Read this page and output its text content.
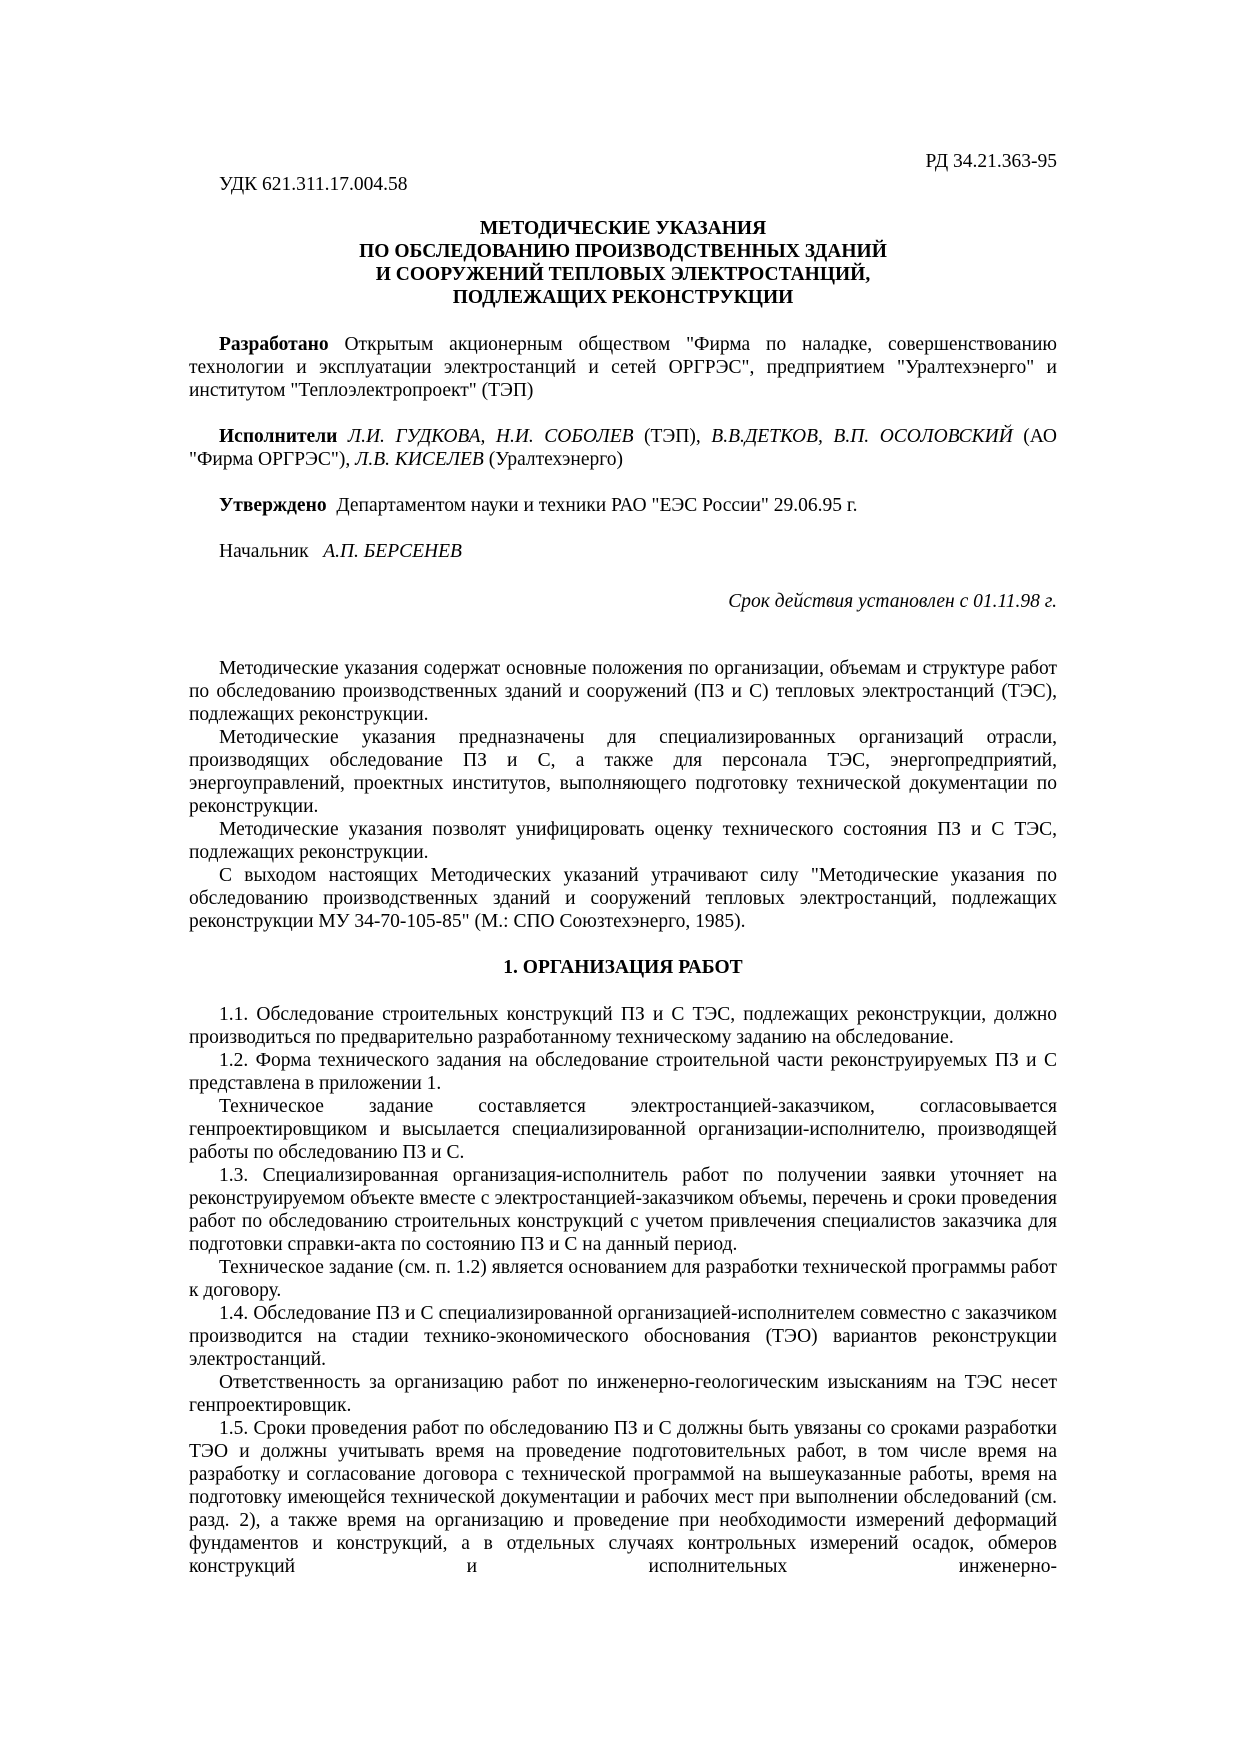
РД 34.21.363-95
УДК 621.311.17.004.58
МЕТОДИЧЕСКИЕ УКАЗАНИЯ
ПО ОБСЛЕДОВАНИЮ ПРОИЗВОДСТВЕННЫХ ЗДАНИЙ
И СООРУЖЕНИЙ ТЕПЛОВЫХ ЭЛЕКТРОСТАНЦИЙ,
ПОДЛЕЖАЩИХ РЕКОНСТРУКЦИИ
Разработано Открытым акционерным обществом "Фирма по наладке, совершенствованию технологии и эксплуатации электростанций и сетей ОРГРЭС", предприятием "Уралтехэнерго" и институтом "Теплоэлектропроект" (ТЭП)
Исполнители Л.И. ГУДКОВА, Н.И. СОБОЛЕВ (ТЭП), В.В.ДЕТКОВ, В.П. ОСОЛОВСКИЙ (АО "Фирма ОРГРЭС"), Л.В. КИСЕЛЕВ (Уралтехэнерго)
Утверждено  Департаментом науки и техники РАО "ЕЭС России" 29.06.95 г.
Начальник А.П. БЕРСЕНЕВ
Срок действия установлен с 01.11.98 г.

Методические указания содержат основные положения по организации, объемам и структуре работ по обследованию производственных зданий и сооружений (ПЗ и С) тепловых электростанций (ТЭС), подлежащих реконструкции.

Методические указания предназначены для специализированных организаций отрасли, производящих обследование ПЗ и С, а также для персонала ТЭС, энергопредприятий, энергоуправлений, проектных институтов, выполняющего подготовку технической документации по реконструкции.

Методические указания позволят унифицировать оценку технического состояния ПЗ и С ТЭС, подлежащих реконструкции.

С выходом настоящих Методических указаний утрачивают силу "Методические указания по обследованию производственных зданий и сооружений тепловых электростанций, подлежащих реконструкции МУ 34-70-105-85" (М.: СПО Союзтехэнерго, 1985).

1. ОРГАНИЗАЦИЯ РАБОТ

1.1. Обследование строительных конструкций ПЗ и С ТЭС, подлежащих реконструкции, должно производиться по предварительно разработанному техническому заданию на обследование.

1.2. Форма технического задания на обследование строительной части реконструируемых ПЗ и С представлена в приложении 1.

Техническое задание составляется электростанцией-заказчиком, согласовывается генпроектировщиком и высылается специализированной организации-исполнителю, производящей работы по обследованию ПЗ и С.

1.3. Специализированная организация-исполнитель работ по получении заявки уточняет на реконструируемом объекте вместе с электростанцией-заказчиком объемы, перечень и сроки проведения работ по обследованию строительных конструкций с учетом привлечения специалистов заказчика для подготовки справки-акта по состоянию ПЗ и С на данный период.

Техническое задание (см. п. 1.2) является основанием для разработки технической программы работ к договору.

1.4. Обследование ПЗ и С специализированной организацией-исполнителем совместно с заказчиком производится на стадии технико-экономического обоснования (ТЭО) вариантов реконструкции электростанций.

Ответственность за организацию работ по инженерно-геологическим изысканиям на ТЭС несет генпроектировщик.

1.5. Сроки проведения работ по обследованию ПЗ и С должны быть увязаны со сроками разработки ТЭО и должны учитывать время на проведение подготовительных работ, в том числе время на разработку и согласование договора с технической программой на вышеуказанные работы, время на подготовку имеющейся технической документации и рабочих мест при выполнении обследований (см. разд. 2), а также время на организацию и проведение при необходимости измерений деформаций фундаментов и конструкций, а в отдельных случаях контрольных измерений осадок, обмеров конструкций и исполнительных инженерно-
